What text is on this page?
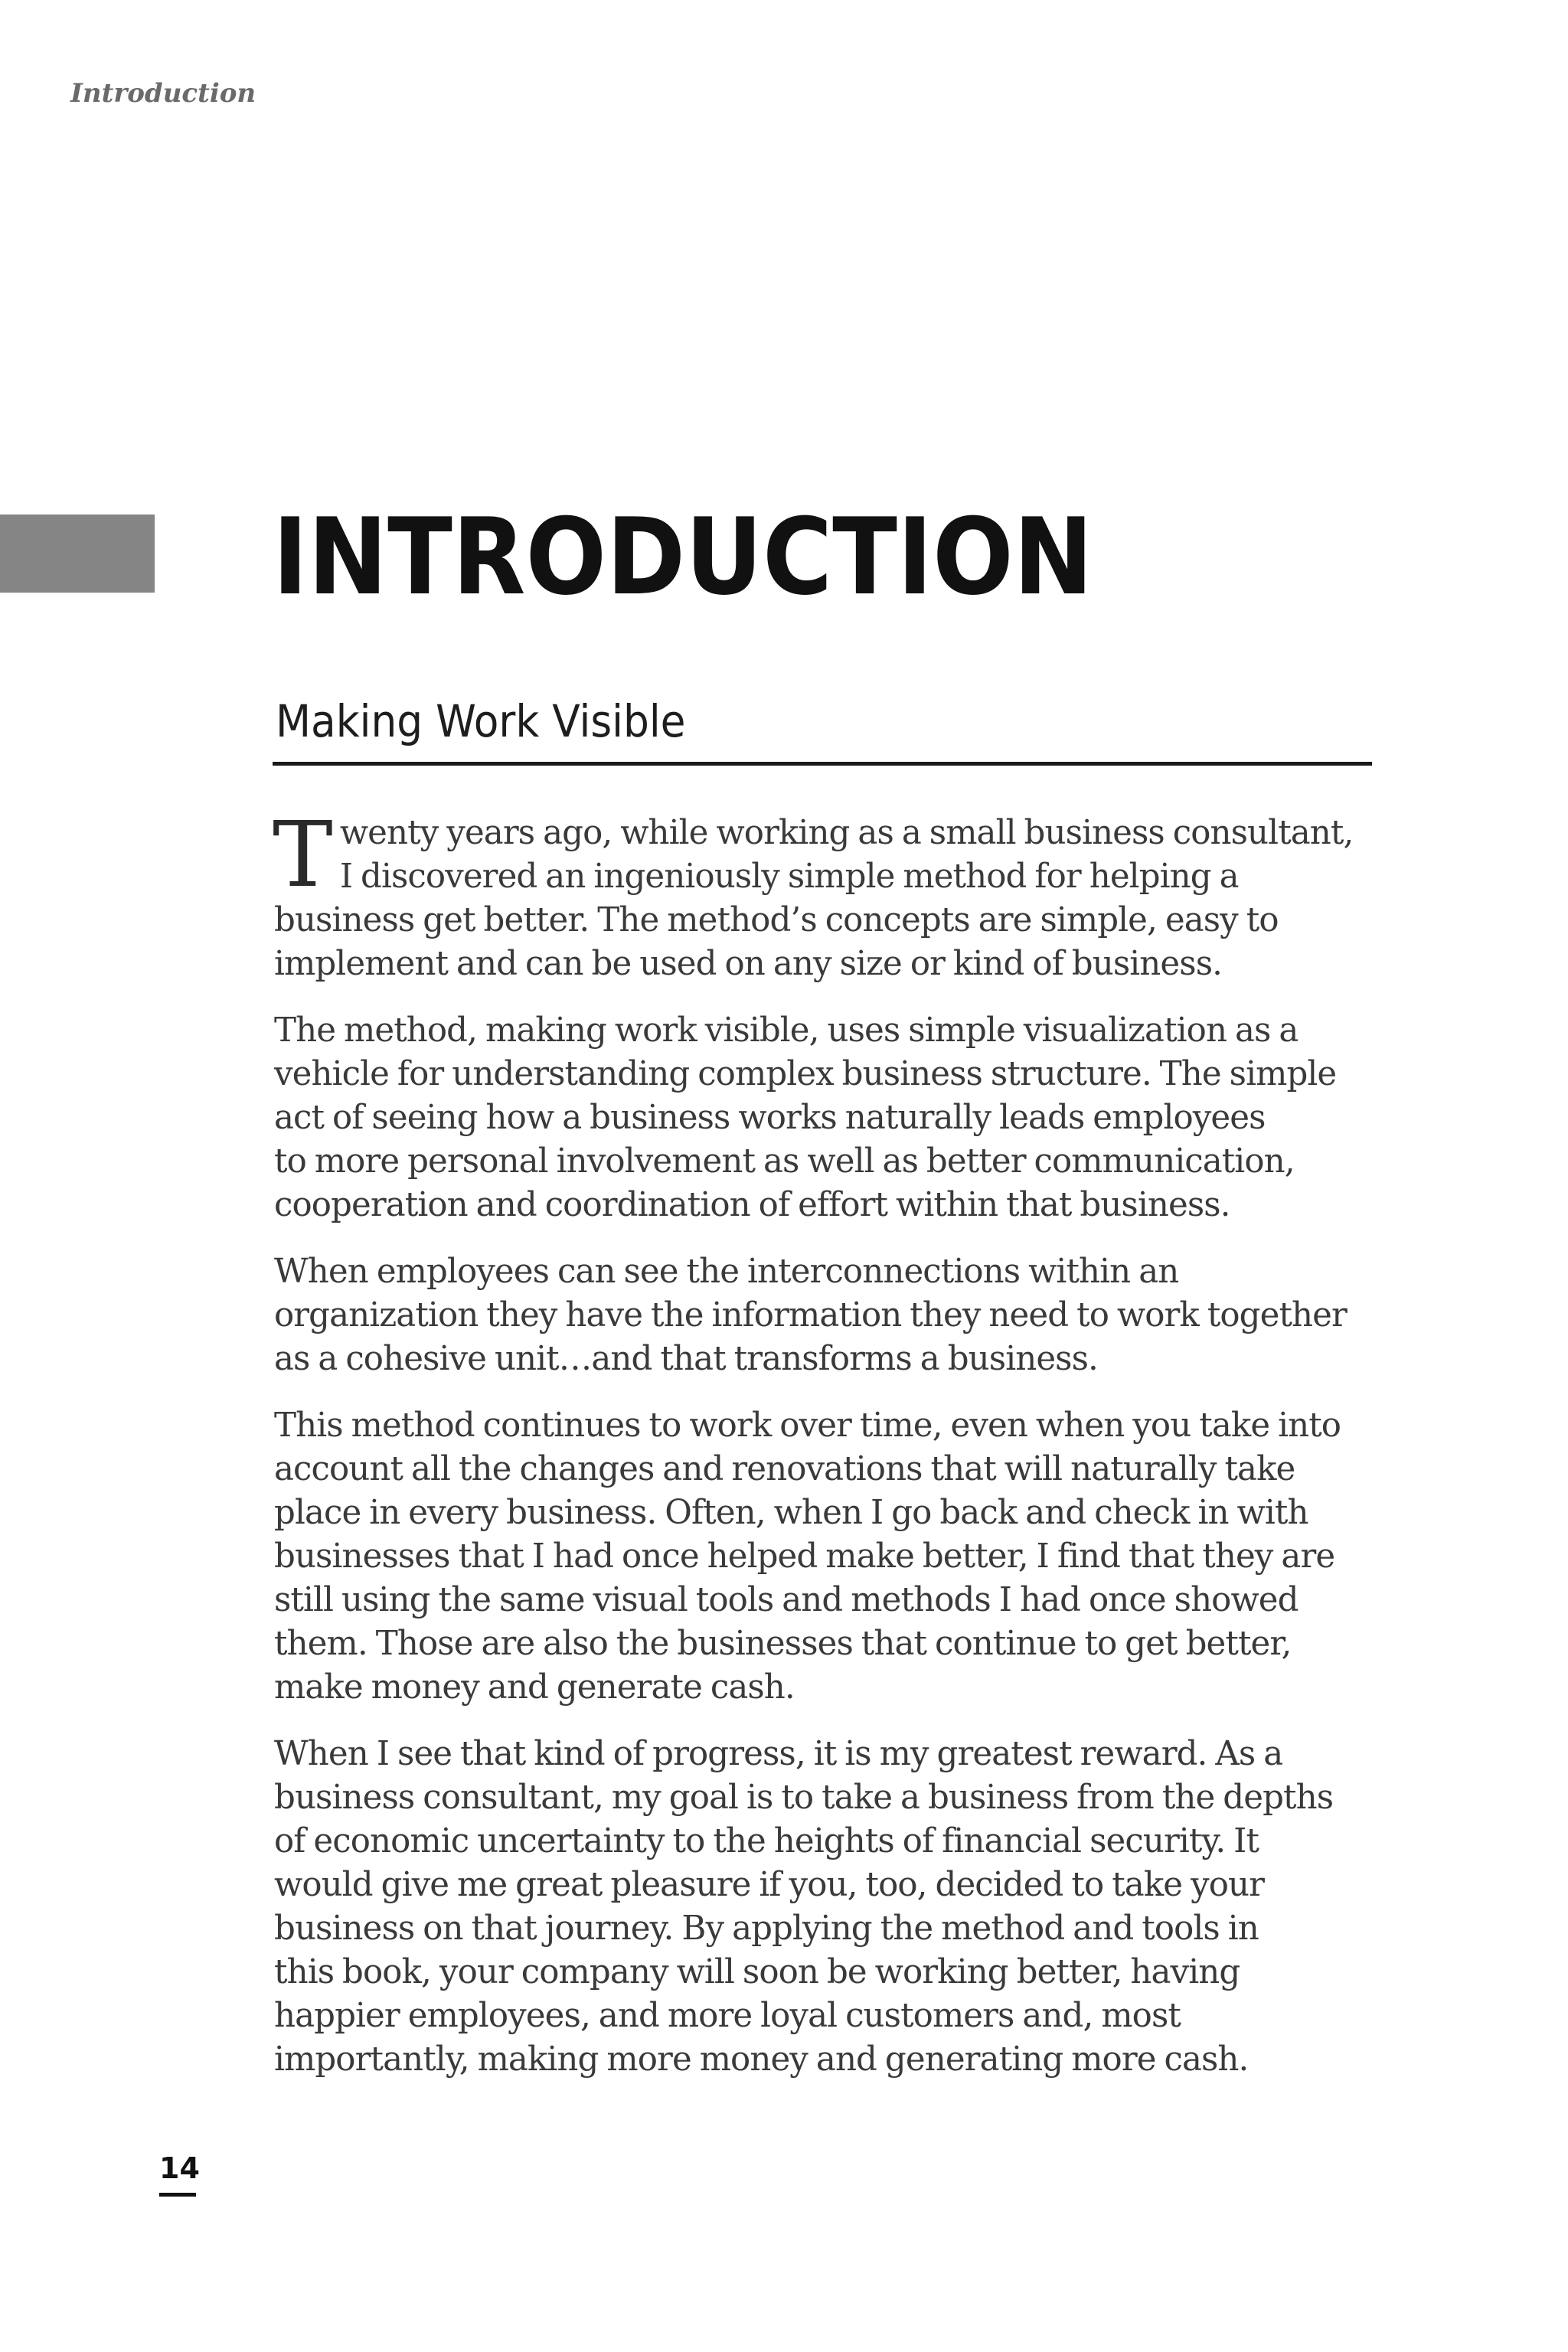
Introduction
INTRODUCTION
Making Work Visible

T wenty years ago, while working as a small business consultant,
I discovered an ingeniously simple method for helping a
business get better. The method’s concepts are simple, easy to
implement and can be used on any size or kind of business.

The method, making work visible, uses simple visualization as a
vehicle for understanding complex business structure. The simple
act of seeing how a business works naturally leads employees
to more personal involvement as well as better communication,
cooperation and coordination of effort within that business.

When employees can see the interconnections within an
organization they have the information they need to work together
as a cohesive unit…and that transforms a business.

This method continues to work over time, even when you take into
account all the changes and renovations that will naturally take
place in every business. Often, when I go back and check in with
businesses that I had once helped make better, I find that they are
still using the same visual tools and methods I had once showed
them. Those are also the businesses that continue to get better,
make money and generate cash.

When I see that kind of progress, it is my greatest reward. As a
business consultant, my goal is to take a business from the depths
of economic uncertainty to the heights of financial security. It
would give me great pleasure if you, too, decided to take your
business on that journey. By applying the method and tools in
this book, your company will soon be working better, having
happier employees, and more loyal customers and, most
importantly, making more money and generating more cash.

14
